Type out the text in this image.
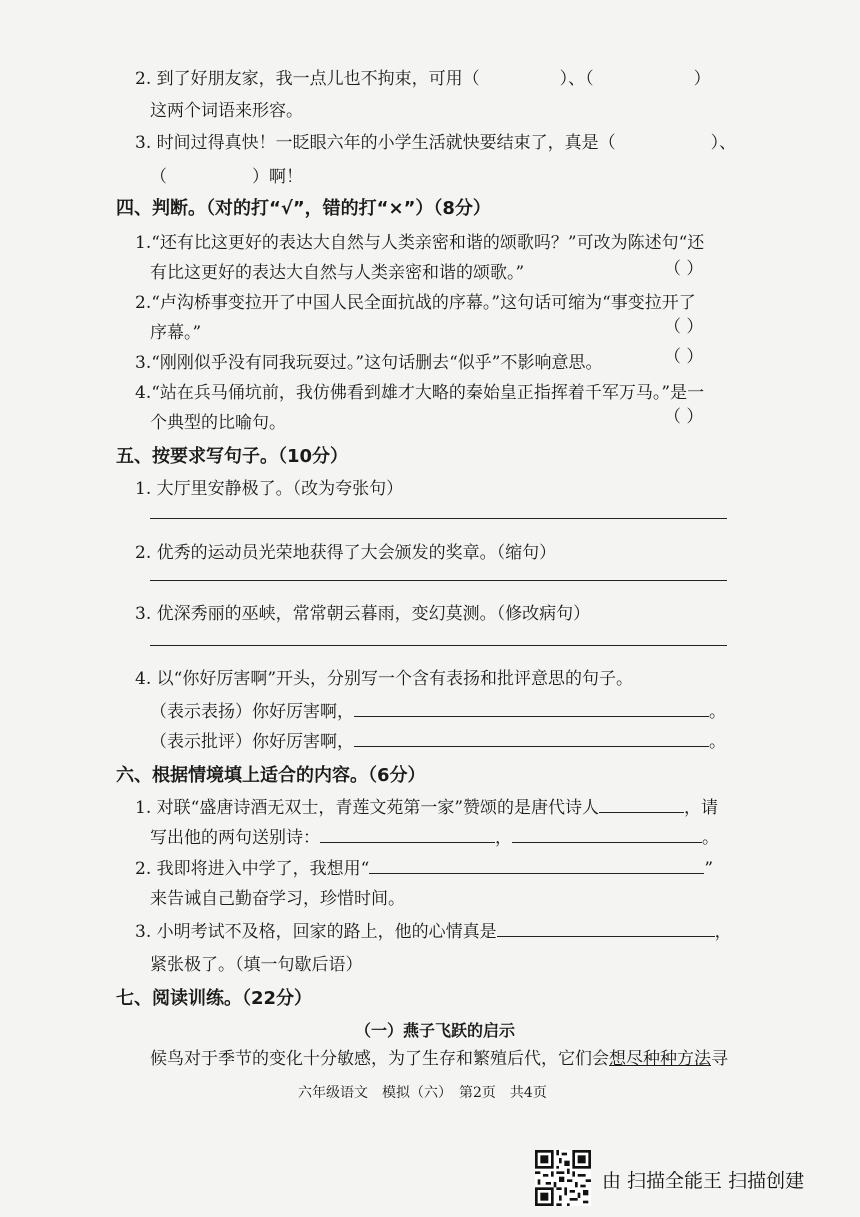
2. 到了好朋友家，我一点儿也不拘束，可用（	）、（	）
这两个词语来形容。
3. 时间过得真快！一眨眼六年的小学生活就快要结束了，真是（	）、
（	）啊！
四、判断。（对的打“√”，错的打“×”）（8分）
1.“还有比这更好的表达大自然与人类亲密和谐的颂歌吗？”可改为陈述句“还
有比这更好的表达大自然与人类亲密和谐的颂歌。”	（ ）
2.“卢沟桥事变拉开了中国人民全面抗战的序幕。”这句话可缩为“事变拉开了
序幕。”	（ ）
3.“刚刚似乎没有同我玩耍过。”这句话删去“似乎”不影响意思。	（ ）
4.“站在兵马俑坑前，我仿佛看到雄才大略的秦始皇正指挥着千军万马。”是一
个典型的比喻句。	（ ）
五、按要求写句子。（10分）
1. 大厅里安静极了。（改为夸张句）
2. 优秀的运动员光荣地获得了大会颁发的奖章。（缩句）
3. 优深秀丽的巫峡，常常朝云暮雨，变幻莫测。（修改病句）
4. 以“你好厉害啊”开头，分别写一个含有表扬和批评意思的句子。
（表示表扬）你好厉害啊，	。
（表示批评）你好厉害啊，	。
六、根据情境填上适合的内容。（6分）
1. 对联“盛唐诗酒无双士，青莲文苑第一家”赞颂的是唐代诗人	，请
写出他的两句送别诗：	，	。
2. 我即将进入中学了，我想用“	”
来告诫自己勤奋学习，珍惜时间。
3. 小明考试不及格，回家的路上，他的心情真是	，
紧张极了。（填一句歇后语）
七、阅读训练。（22分）
（一）燕子飞跃的启示
候鸟对于季节的变化十分敏感，为了生存和繁殖后代，它们会想尽种种方法寻
六年级语文　模拟（六）　第2页　共4页
由 扫描全能王 扫描创建
